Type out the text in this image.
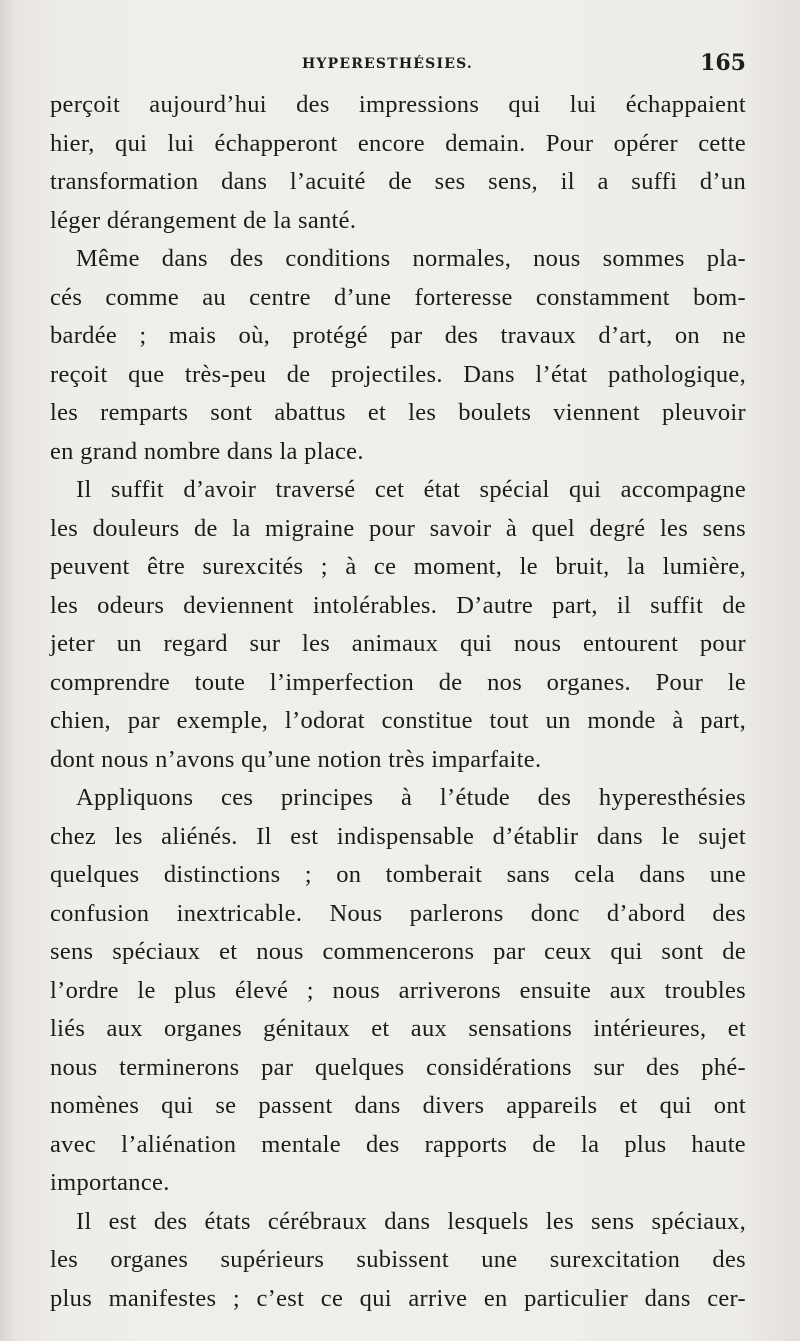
HYPERESTHÉSIES.	165
perçoit aujourd’hui des impressions qui lui échappaient
hier, qui lui échapperont encore demain. Pour opérer cette
transformation dans l’acuité de ses sens, il a suffi d’un
léger dérangement de la santé.
Même dans des conditions normales, nous sommes pla-
cés comme au centre d’une forteresse constamment bom-
bardée ; mais où, protégé par des travaux d’art, on ne
reçoit que très-peu de projectiles. Dans l’état pathologique,
les remparts sont abattus et les boulets viennent pleuvoir
en grand nombre dans la place.
Il suffit d’avoir traversé cet état spécial qui accompagne
les douleurs de la migraine pour savoir à quel degré les sens
peuvent être surexcités ; à ce moment, le bruit, la lumière,
les odeurs deviennent intolérables. D’autre part, il suffit de
jeter un regard sur les animaux qui nous entourent pour
comprendre toute l’imperfection de nos organes. Pour le
chien, par exemple, l’odorat constitue tout un monde à part,
dont nous n’avons qu’une notion très imparfaite.
Appliquons ces principes à l’étude des hyperesthésies
chez les aliénés. Il est indispensable d’établir dans le sujet
quelques distinctions ; on tomberait sans cela dans une
confusion inextricable. Nous parlerons donc d’abord des
sens spéciaux et nous commencerons par ceux qui sont de
l’ordre le plus élevé ; nous arriverons ensuite aux troubles
liés aux organes génitaux et aux sensations intérieures, et
nous terminerons par quelques considérations sur des phé-
nomènes qui se passent dans divers appareils et qui ont
avec l’aliénation mentale des rapports de la plus haute
importance.
Il est des états cérébraux dans lesquels les sens spéciaux,
les organes supérieurs subissent une surexcitation des
plus manifestes ; c’est ce qui arrive en particulier dans cer-
